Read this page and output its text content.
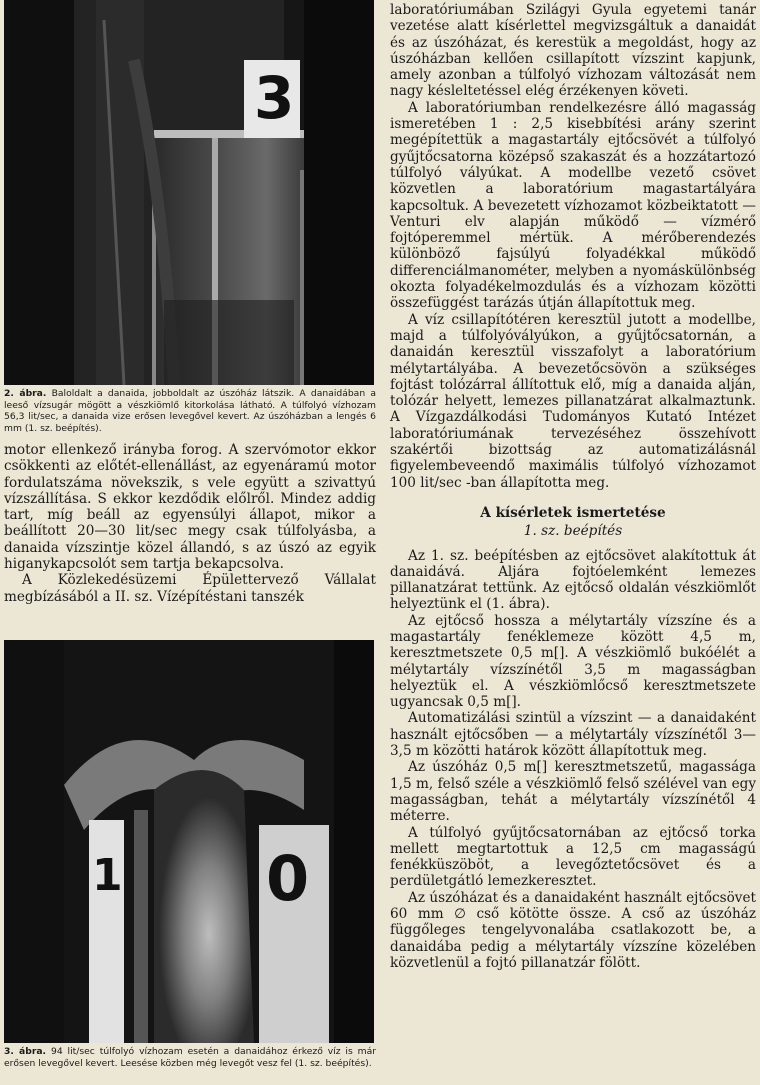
3
2. ábra. Baloldalt a danaida, jobboldalt az úszóház látszik. A danaidában a leeső vízsugár mögött a vészkiömlő kitorkolása látható. A túlfolyó vízhozam 56,3 lit/sec, a danaida vize erősen levegővel kevert. Az úszóházban a lengés 6 mm (1. sz. beépítés).

motor ellenkező irányba forog. A szervómotor ekkor csökkenti az előtét-ellenállást, az egyenáramú motor fordulatszáma növekszik, s vele együtt a szivattyú vízszállítása. S ekkor kezdődik előlről. Mindez addig tart, míg beáll az egyensúlyi állapot, mikor a beállított 20—30 lit/sec megy csak túlfolyásba, a danaida vízszintje közel állandó, s az úszó az egyik higanykapcsolót sem tartja bekapcsolva.

A Közlekedésüzemi Épülettervező Vállalat megbízásából a II. sz. Vízépítéstani tanszék

1 0
3. ábra. 94 lit/sec túlfolyó vízhozam esetén a danaidához érkező víz is már erősen levegővel kevert. Leesése közben még levegőt vesz fel (1. sz. beépítés).

laboratóriumában Szilágyi Gyula egyetemi tanár vezetése alatt kísérlettel megvizsgáltuk a danaidát és az úszóházat, és kerestük a megoldást, hogy az úszóházban kellően csillapított vízszint kapjunk, amely azonban a túlfolyó vízhozam változását nem nagy késleltetéssel elég érzékenyen követi.

A laboratóriumban rendelkezésre álló magasság ismeretében 1 : 2,5 kisebbítési arány szerint megépítettük a magastartály ejtőcsövét a túlfolyó gyűjtőcsatorna középső szakaszát és a hozzátartozó túlfolyó vályúkat. A modellbe vezető csövet közvetlen a laboratórium magastartályára kapcsoltuk. A bevezetett vízhozamot közbeiktatott — Venturi elv alapján működő — vízmérő fojtóperemmel mértük. A mérőberendezés különböző fajsúlyú folyadékkal működő differenciálmanométer, melyben a nyomáskülönbség okozta folyadékelmozdulás és a vízhozam közötti összefüggést tarázás útján állapítottuk meg.

A víz csillapítótéren keresztül jutott a modellbe, majd a túlfolyóvályúkon, a gyűjtőcsatornán, a danaidán keresztül visszafolyt a laboratórium mélytartályába. A bevezetőcsövön a szükséges fojtást tolózárral állítottuk elő, míg a danaida alján, tolózár helyett, lemezes pillanatzárat alkalmaztunk. A Vízgazdálkodási Tudományos Kutató Intézet laboratóriumának tervezéséhez összehívott szakértői bizottság az automatizálásnál figyelembeveendő maximális túlfolyó vízhozamot 100 lit/sec -ban állapította meg.

A kísérletek ismertetése
1. sz. beépítés

Az 1. sz. beépítésben az ejtőcsövet alakítottuk át danaidává. Aljára fojtóelemként lemezes pillanatzárat tettünk. Az ejtőcső oldalán vészkiömlőt helyeztünk el (1. ábra).

Az ejtőcső hossza a mélytartály vízszíne és a magastartály fenéklemeze között 4,5 m, keresztmetszete 0,5 m[]. A vészkiömlő bukóélét a mélytartály vízszínétől 3,5 m magasságban helyeztük el. A vészkiömlőcső keresztmetszete ugyancsak 0,5 m[].

Automatizálási szintül a vízszint — a danaidaként használt ejtőcsőben — a mélytartály vízszínétől 3—3,5 m közötti határok között állapítottuk meg.

Az úszóház 0,5 m[] keresztmetszetű, magassága 1,5 m, felső széle a vészkiömlő felső szélével van egy magasságban, tehát a mélytartály vízszínétől 4 méterre.

A túlfolyó gyűjtőcsatornában az ejtőcső torka mellett megtartottuk a 12,5 cm magasságú fenékküszöböt, a levegőztetőcsövet és a perdületgátló lemezkeresztet.

Az úszóházat és a danaidaként használt ejtőcsövet 60 mm ∅ cső kötötte össze. A cső az úszóház függőleges tengelyvonalába csatlakozott be, a danaidába pedig a mélytartály vízszíne közelében közvetlenül a fojtó pillanatzár fölött.
